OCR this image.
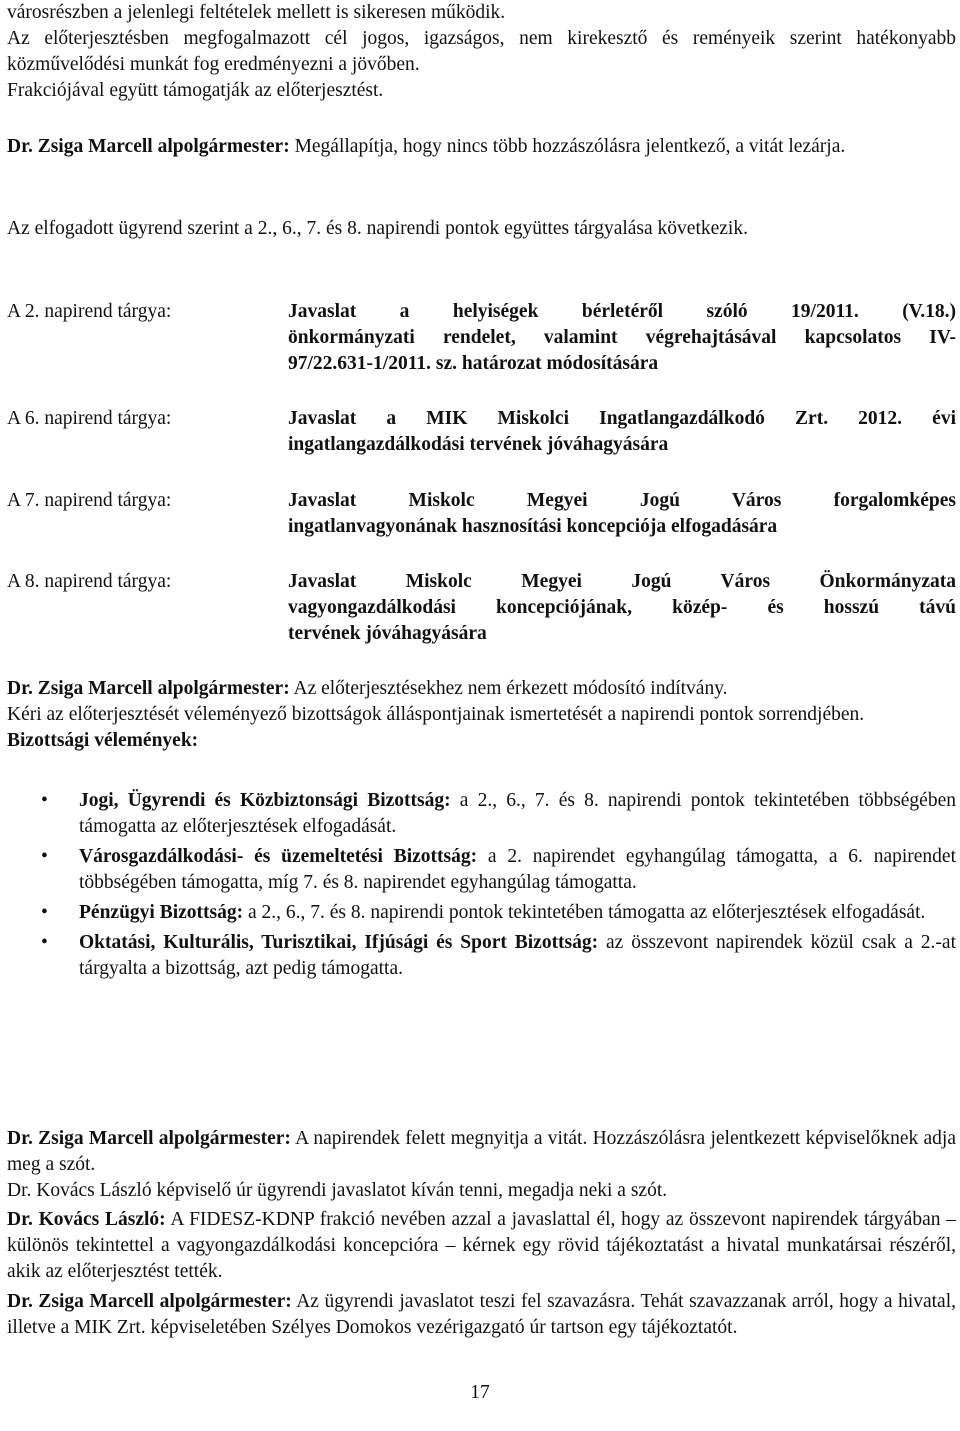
városrészben a jelenlegi feltételek mellett is sikeresen működik.

Az előterjesztésben megfogalmazott cél jogos, igazságos, nem kirekesztő és reményeik szerint hatékonyabb közművelődési munkát fog eredményezni a jövőben.

Frakciójával együtt támogatják az előterjesztést.

Dr. Zsiga Marcell alpolgármester: Megállapítja, hogy nincs több hozzászólásra jelentkező, a vitát lezárja.

Az elfogadott ügyrend szerint a 2., 6., 7. és 8. napirendi pontok együttes tárgyalása következik.

A 2. napirend tárgya:	Javaslat a helyiségek bérletéről szóló 19/2011. (V.18.)

önkormányzati rendelet, valamint végrehajtásával kapcsolatos IV-

97/22.631-1/2011. sz. határozat módosítására

A 6. napirend tárgya:	Javaslat a MIK Miskolci Ingatlangazdálkodó Zrt. 2012. évi

ingatlangazdálkodási tervének jóváhagyására

A 7. napirend tárgya:	Javaslat Miskolc Megyei Jogú Város forgalomképes

ingatlanvagyonának hasznosítási koncepciója elfogadására

A 8. napirend tárgya:	Javaslat Miskolc Megyei Jogú Város Önkormányzata

vagyongazdálkodási koncepciójának, közép- és hosszú távú

tervének jóváhagyására

Dr. Zsiga Marcell alpolgármester: Az előterjesztésekhez nem érkezett módosító indítvány.

Kéri az előterjesztését véleményező bizottságok álláspontjainak ismertetését a napirendi pontok sorrendjében.

Bizottsági vélemények:

• Jogi, Ügyrendi és Közbiztonsági Bizottság: a 2., 6., 7. és 8. napirendi pontok tekintetében többségében támogatta az előterjesztések elfogadását.
• Városgazdálkodási- és üzemeltetési Bizottság: a 2. napirendet egyhangúlag támogatta, a 6. napirendet többségében támogatta, míg 7. és 8. napirendet egyhangúlag támogatta.
• Pénzügyi Bizottság: a 2., 6., 7. és 8. napirendi pontok tekintetében támogatta az előterjesztések elfogadását.
• Oktatási, Kulturális, Turisztikai, Ifjúsági és Sport Bizottság: az összevont napirendek közül csak a 2.-at tárgyalta a bizottság, azt pedig támogatta.

Dr. Zsiga Marcell alpolgármester: A napirendek felett megnyitja a vitát. Hozzászólásra jelentkezett képviselőknek adja meg a szót.

Dr. Kovács László képviselő úr ügyrendi javaslatot kíván tenni, megadja neki a szót.

Dr. Kovács László: A FIDESZ-KDNP frakció nevében azzal a javaslattal él, hogy az összevont napirendek tárgyában – különös tekintettel a vagyongazdálkodási koncepcióra – kérnek egy rövid tájékoztatást a hivatal munkatársai részéről, akik az előterjesztést tették.

Dr. Zsiga Marcell alpolgármester: Az ügyrendi javaslatot teszi fel szavazásra. Tehát szavazzanak arról, hogy a hivatal, illetve a MIK Zrt. képviseletében Szélyes Domokos vezérigazgató úr tartson egy tájékoztatót.

17
